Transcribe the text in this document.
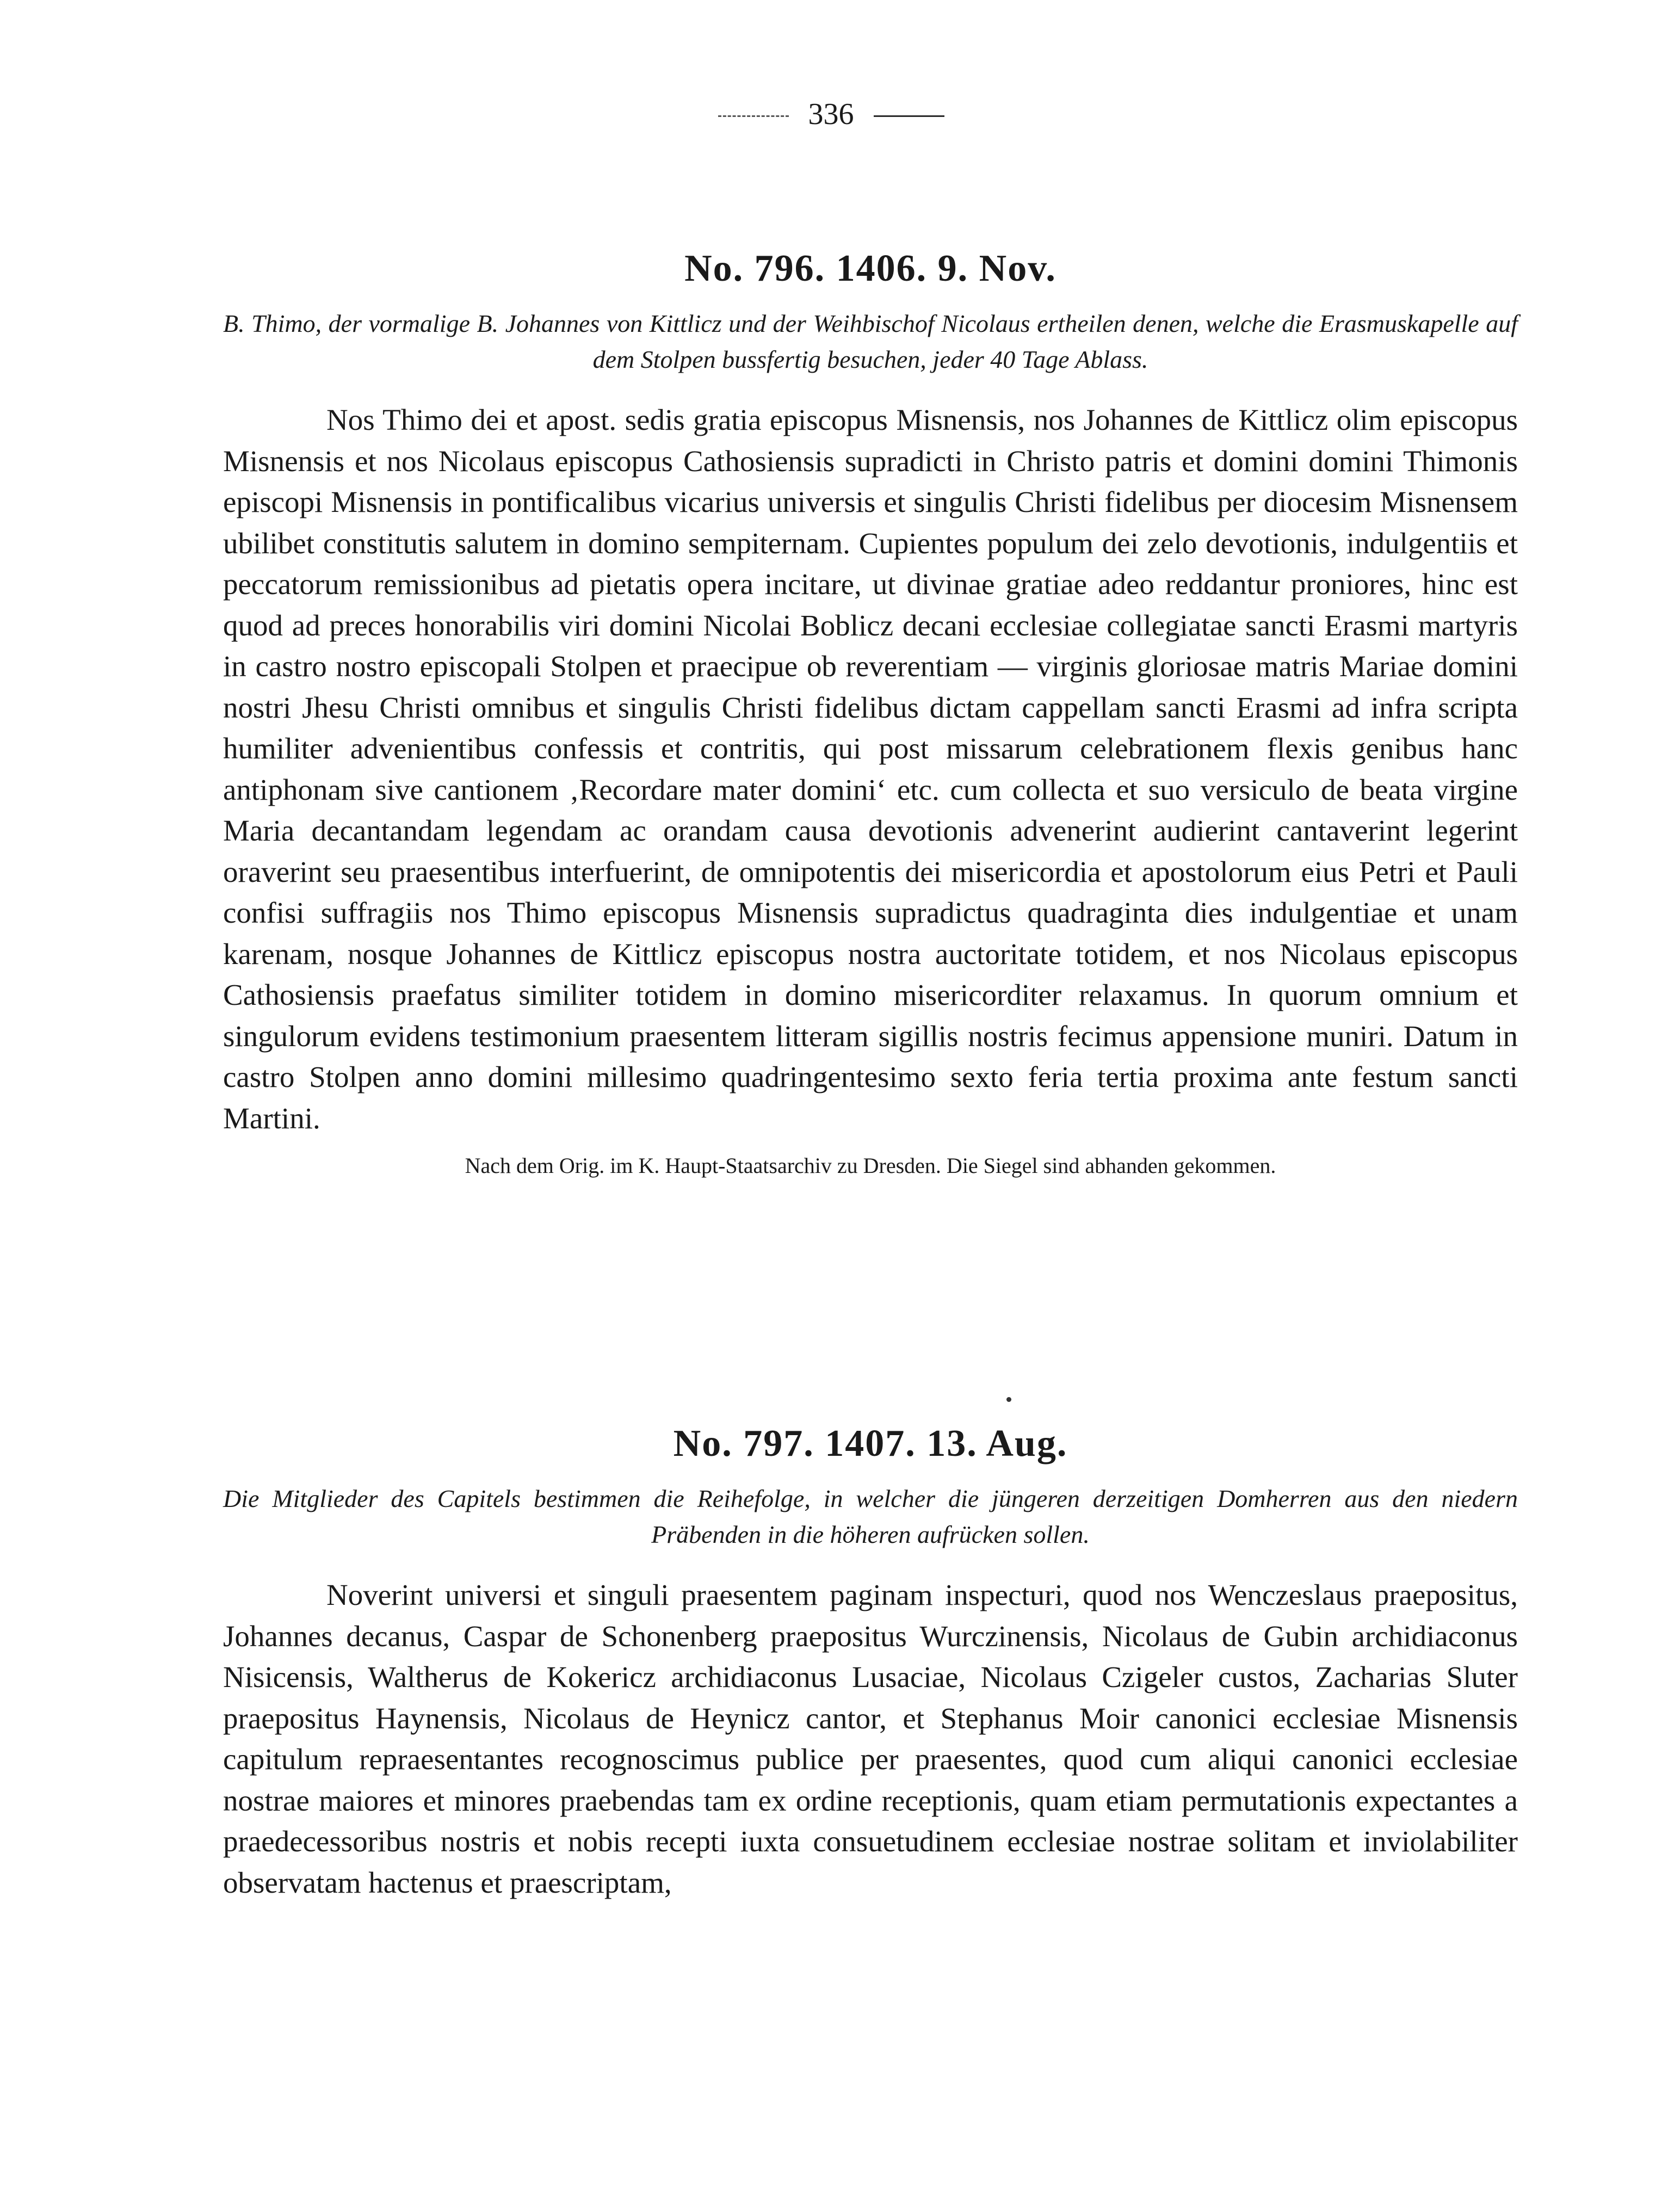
336
No. 796. 1406. 9. Nov.

B. Thimo, der vormalige B. Johannes von Kittlicz und der Weihbischof Nicolaus ertheilen denen, welche die Erasmuskapelle auf dem Stolpen bussfertig besuchen, jeder 40 Tage Ablass.

Nos Thimo dei et apost. sedis gratia episcopus Misnensis, nos Johannes de Kittlicz olim episcopus Misnensis et nos Nicolaus episcopus Cathosiensis supradicti in Christo patris et domini domini Thimonis episcopi Misnensis in pontificalibus vicarius universis et singulis Christi fidelibus per diocesim Misnensem ubilibet constitutis salutem in domino sempiternam. Cupientes populum dei zelo devotionis, indulgentiis et peccatorum remissionibus ad pietatis opera incitare, ut divinae gratiae adeo reddantur proniores, hinc est quod ad preces honorabilis viri domini Nicolai Boblicz decani ecclesiae collegiatae sancti Erasmi martyris in castro nostro episcopali Stolpen et praecipue ob reverentiam — virginis gloriosae matris Mariae domini nostri Jhesu Christi omnibus et singulis Christi fidelibus dictam cappellam sancti Erasmi ad infra scripta humiliter advenientibus confessis et contritis, qui post missarum celebrationem flexis genibus hanc antiphonam sive cantionem ‚Recordare mater domini‘ etc. cum collecta et suo versiculo de beata virgine Maria decantandam legendam ac orandam causa devotionis advenerint audierint cantaverint legerint oraverint seu praesentibus interfuerint, de omnipotentis dei misericordia et apostolorum eius Petri et Pauli confisi suffragiis nos Thimo episcopus Misnensis supradictus quadraginta dies indulgentiae et unam karenam, nosque Johannes de Kittlicz episcopus nostra auctoritate totidem, et nos Nicolaus episcopus Cathosiensis praefatus similiter totidem in domino misericorditer relaxamus. In quorum omnium et singulorum evidens testimonium praesentem litteram sigillis nostris fecimus appensione muniri. Datum in castro Stolpen anno domini millesimo quadringentesimo sexto feria tertia proxima ante festum sancti Martini.

Nach dem Orig. im K. Haupt-Staatsarchiv zu Dresden. Die Siegel sind abhanden gekommen.

No. 797. 1407. 13. Aug.

Die Mitglieder des Capitels bestimmen die Reihefolge, in welcher die jüngeren derzeitigen Domherren aus den niedern Präbenden in die höheren aufrücken sollen.

Noverint universi et singuli praesentem paginam inspecturi, quod nos Wenczeslaus praepositus, Johannes decanus, Caspar de Schonenberg praepositus Wurczinensis, Nicolaus de Gubin archidiaconus Nisicensis, Waltherus de Kokericz archidiaconus Lusaciae, Nicolaus Czigeler custos, Zacharias Sluter praepositus Haynensis, Nicolaus de Heynicz cantor, et Stephanus Moir canonici ecclesiae Misnensis capitulum repraesentantes recognoscimus publice per praesentes, quod cum aliqui canonici ecclesiae nostrae maiores et minores praebendas tam ex ordine receptionis, quam etiam permutationis expectantes a praedecessoribus nostris et nobis recepti iuxta consuetudinem ecclesiae nostrae solitam et inviolabiliter observatam hactenus et praescriptam,
